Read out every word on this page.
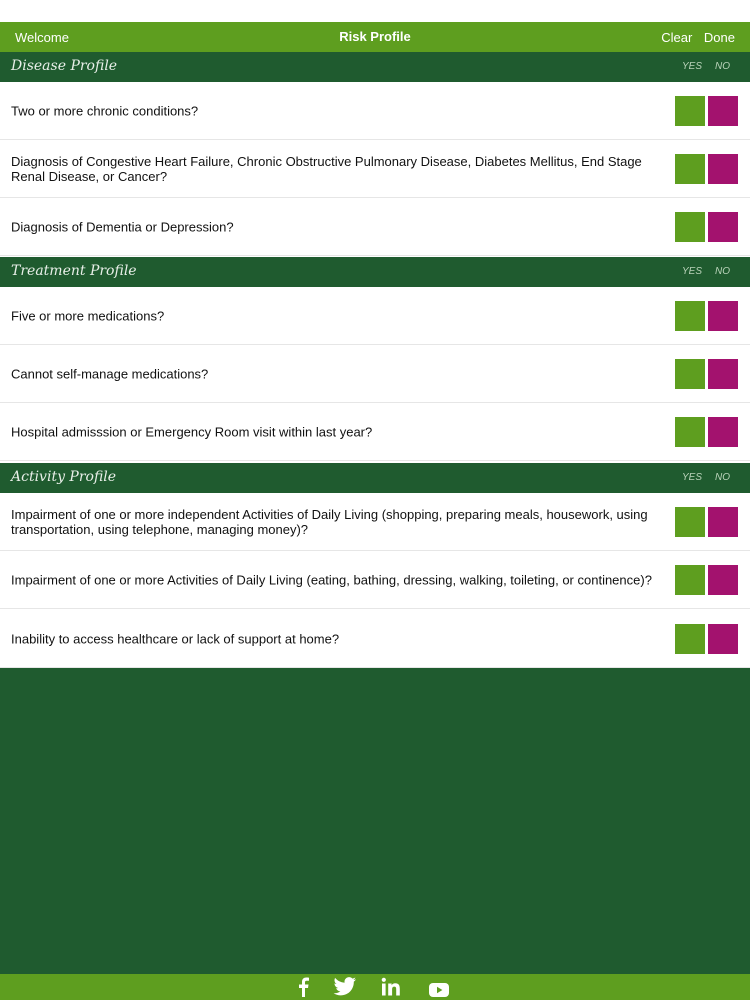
Welcome	Risk Profile	Clear Done
Disease Profile	YES NO
Two or more chronic conditions?
Diagnosis of Congestive Heart Failure, Chronic Obstructive Pulmonary Disease, Diabetes Mellitus, End Stage Renal Disease, or Cancer?
Diagnosis of Dementia or Depression?
Treatment Profile	YES NO
Five or more medications?
Cannot self-manage medications?
Hospital admisssion or Emergency Room visit within last year?
Activity Profile	YES NO
Impairment of one or more independent Activities of Daily Living (shopping, preparing meals, housework, using transportation, using telephone, managing money)?
Impairment of one or more Activities of Daily Living (eating, bathing, dressing, walking, toileting, or continence)?
Inability to access healthcare or lack of support at home?
